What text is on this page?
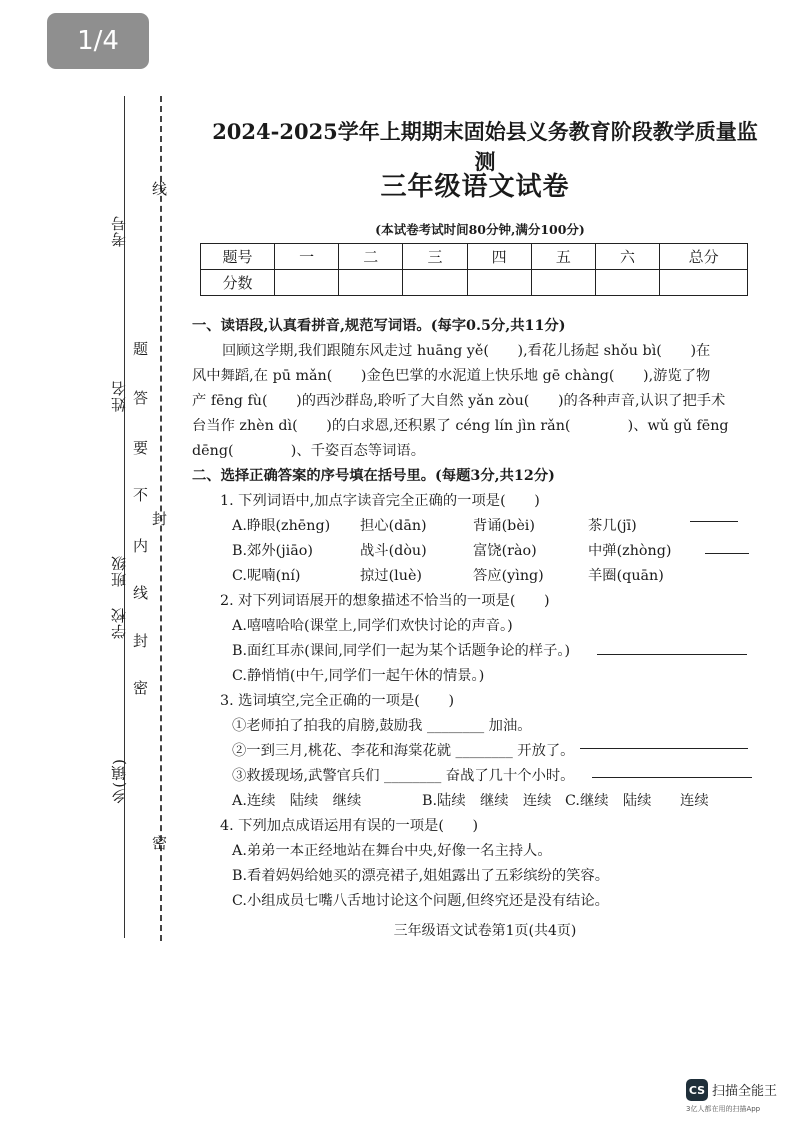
1/4
考号
姓名
班级
学校
乡(镇)
线
封
密
题
答
要
不
内
线
封
密
2024-2025学年上期期末固始县义务教育阶段教学质量监测
三年级语文试卷
(本试卷考试时间80分钟,满分100分)
题号	一	二	三	四	五	六	总分
分数							
一、读语段,认真看拼音,规范写词语。(每字0.5分,共11分)
回顾这学期,我们跟随东风走过 huāng yě(　　),看花儿扬起 shǒu bì(　　)在
风中舞蹈,在 pū mǎn(　　)金色巴掌的水泥道上快乐地 gē chàng(　　),游览了物
产 fēng fù(　　)的西沙群岛,聆听了大自然 yǎn zòu(　　)的各种声音,认识了把手术
台当作 zhèn dì(　　)的白求恩,还积累了 céng lín jìn rǎn(　　　　)、wǔ gǔ fēng
dēng(　　　　)、千姿百态等词语。
二、选择正确答案的序号填在括号里。(每题3分,共12分)
1. 下列词语中,加点字读音完全正确的一项是(　　)
A.睁眼(zhēng) 担心(dān)	背诵(bèi)	茶几(jī)
B.郊外(jiāo)	战斗(dòu)	富饶(rào)	中弹(zhòng)
C.呢喃(ní)	掠过(luè)	答应(yìng)	羊圈(quān)
2. 对下列词语展开的想象描述不恰当的一项是(　　)
A.嘻嘻哈哈(课堂上,同学们欢快讨论的声音。)
B.面红耳赤(课间,同学们一起为某个话题争论的样子。)
C.静悄悄(中午,同学们一起午休的情景。)
3. 选词填空,完全正确的一项是(　　)
①老师拍了拍我的肩膀,鼓励我 ________ 加油。
②一到三月,桃花、李花和海棠花就 ________ 开放了。
③救援现场,武警官兵们 ________ 奋战了几十个小时。
A.连续　陆续　继续	B.陆续　继续　连续 C.继续　陆续　　连续
4. 下列加点成语运用有误的一项是(　　)
A.弟弟一本正经地站在舞台中央,好像一名主持人。
B.看着妈妈给她买的漂亮裙子,姐姐露出了五彩缤纷的笑容。
C.小组成员七嘴八舌地讨论这个问题,但终究还是没有结论。
三年级语文试卷第1页(共4页)
CS 扫描全能王
3亿人都在用的扫描App
